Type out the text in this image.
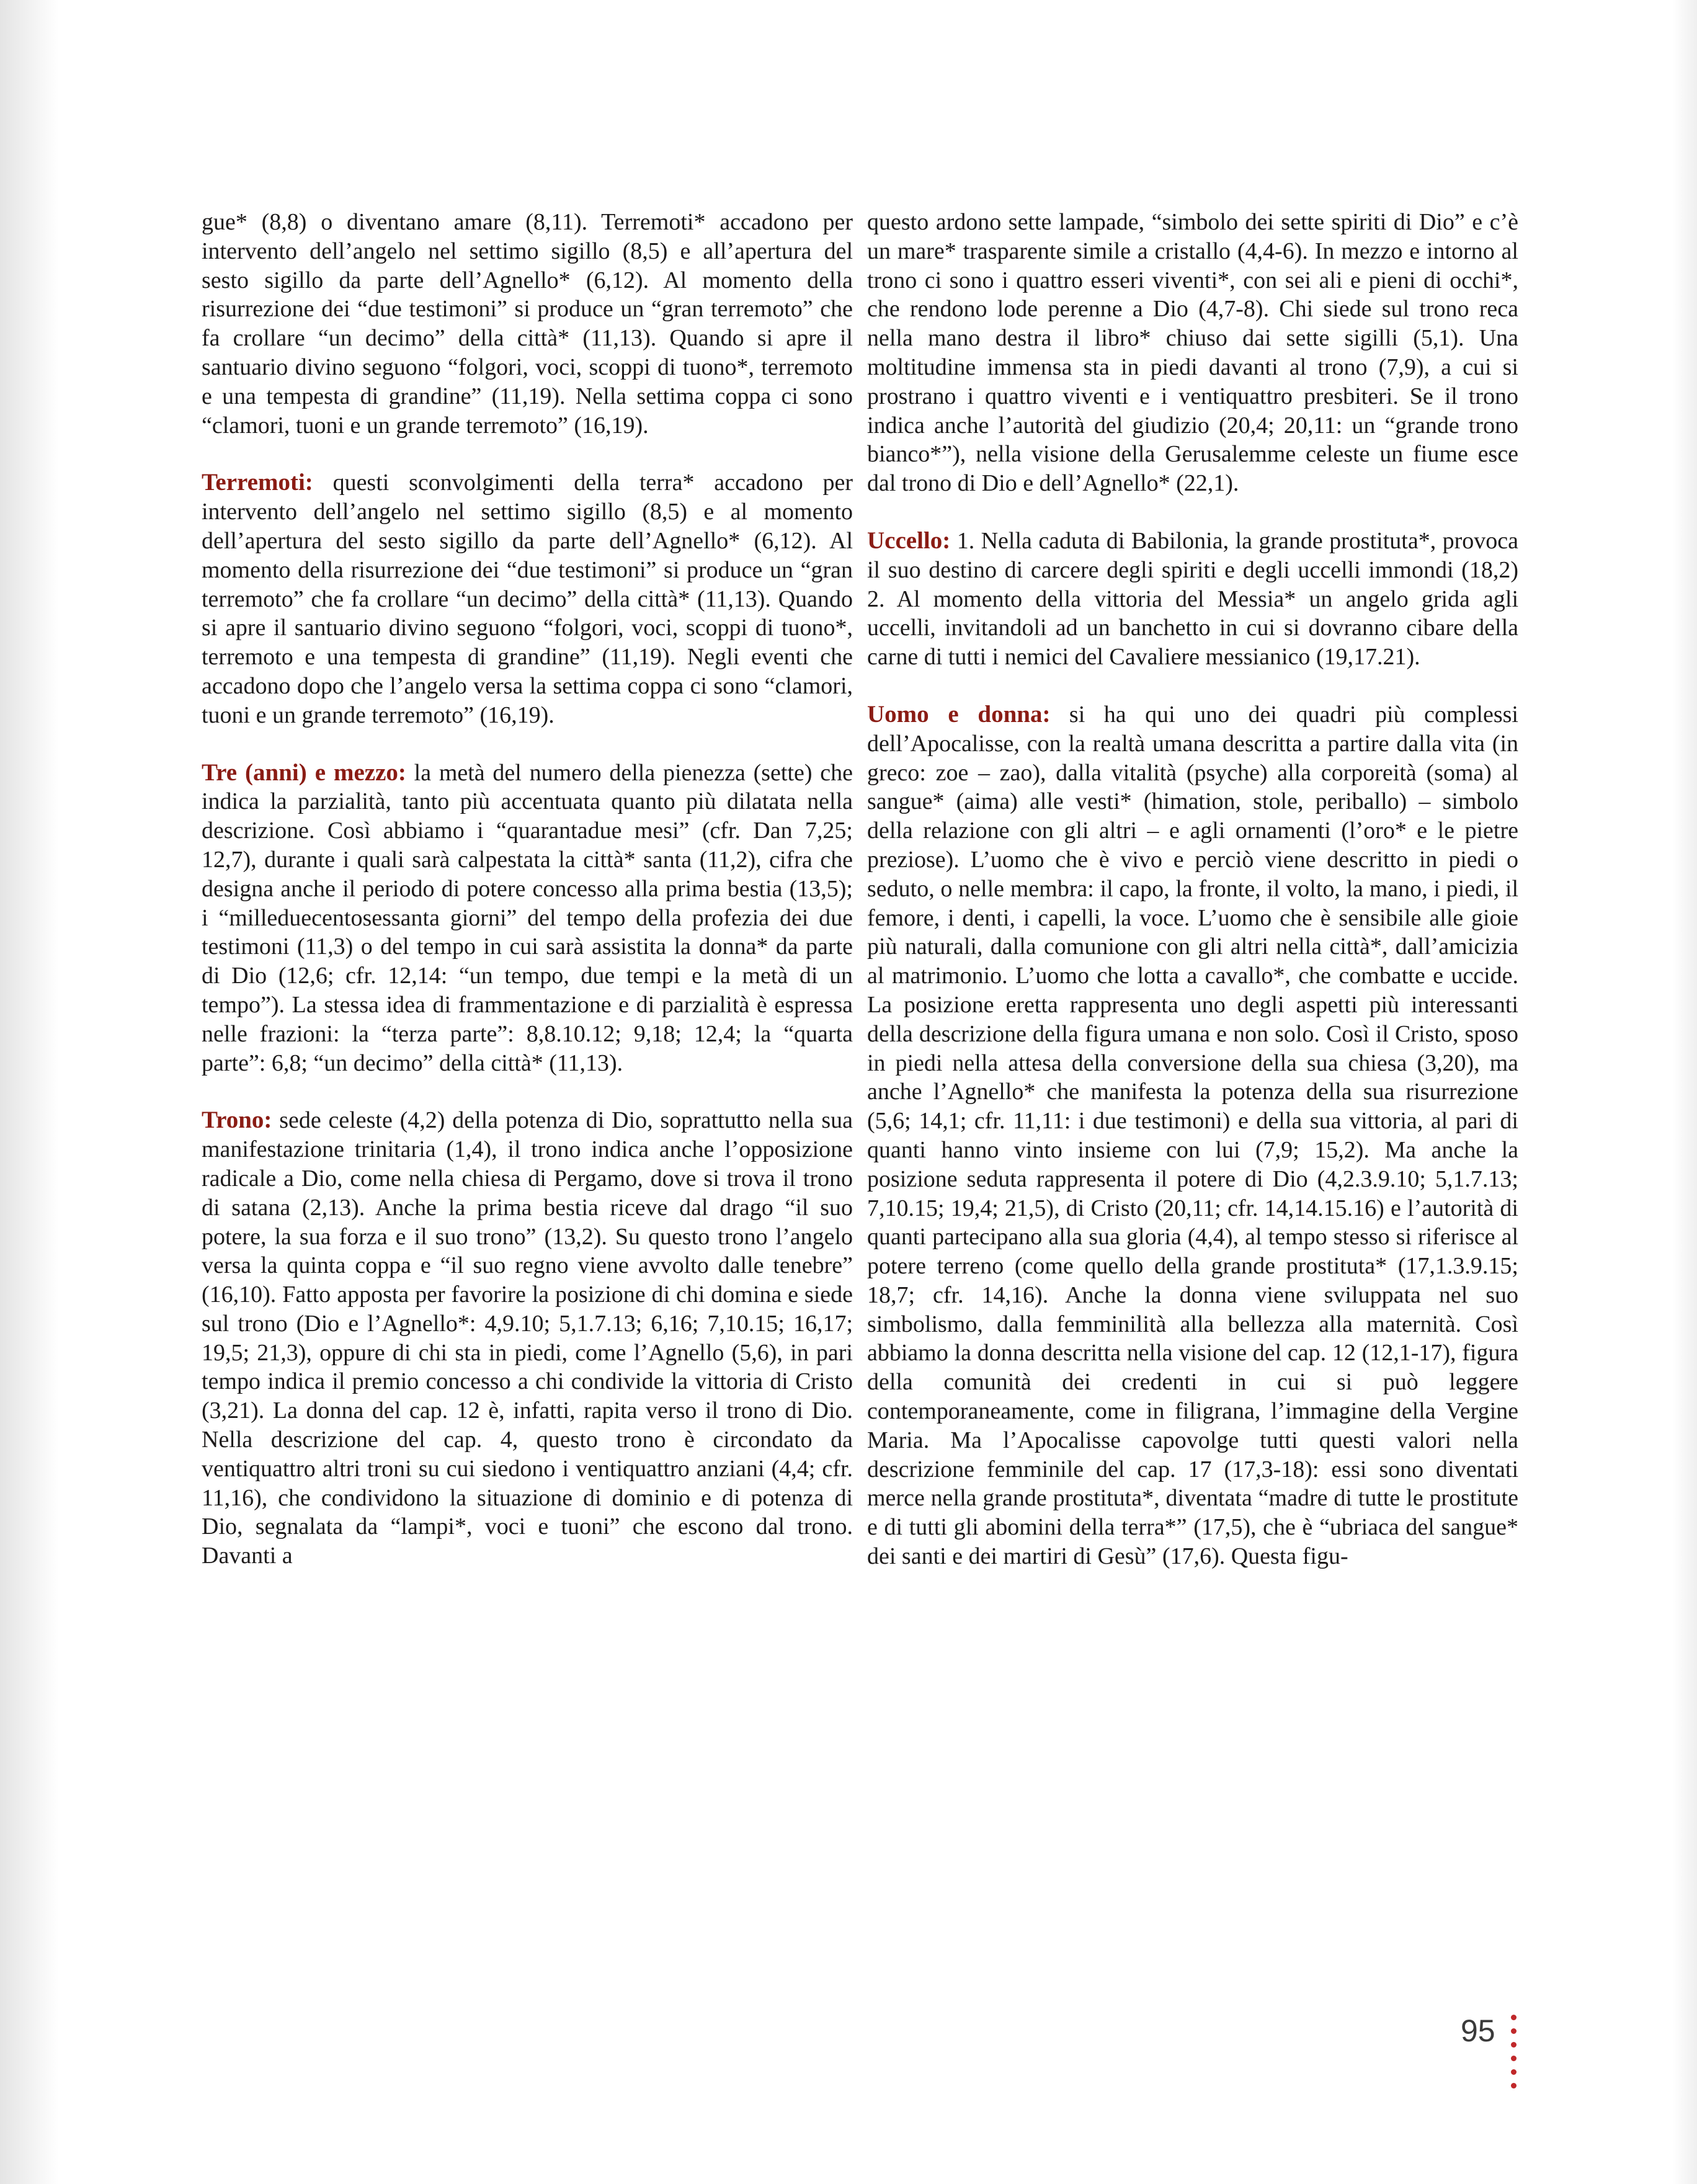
gue* (8,8) o diventano amare (8,11). Terremoti* accadono per intervento dell’angelo nel settimo sigillo (8,5) e all’apertura del sesto sigillo da parte dell’Agnello* (6,12). Al momento della risurrezione dei “due testimoni” si produce un “gran terremoto” che fa crollare “un decimo” della città* (11,13). Quando si apre il santuario divino seguono “folgori, voci, scoppi di tuono*, terremoto e una tempesta di grandine” (11,19). Nella settima coppa ci sono “clamori, tuoni e un grande terremoto” (16,19).

Terremoti: questi sconvolgimenti della terra* accadono per intervento dell’angelo nel settimo sigillo (8,5) e al momento dell’apertura del sesto sigillo da parte dell’Agnello* (6,12). Al momento della risurrezione dei “due testimoni” si produce un “gran terremoto” che fa crollare “un decimo” della città* (11,13). Quando si apre il santuario divino seguono “folgori, voci, scoppi di tuono*, terremoto e una tempesta di grandine” (11,19). Negli eventi che accadono dopo che l’angelo versa la settima coppa ci sono “clamori, tuoni e un grande terremoto” (16,19).

Tre (anni) e mezzo: la metà del numero della pienezza (sette) che indica la parzialità, tanto più accentuata quanto più dilatata nella descrizione. Così abbiamo i “quarantadue mesi” (cfr. Dan 7,25; 12,7), durante i quali sarà calpestata la città* santa (11,2), cifra che designa anche il periodo di potere concesso alla prima bestia (13,5); i “milleduecentosessanta giorni” del tempo della profezia dei due testimoni (11,3) o del tempo in cui sarà assistita la donna* da parte di Dio (12,6; cfr. 12,14: “un tempo, due tempi e la metà di un tempo”). La stessa idea di frammentazione e di parzialità è espressa nelle frazioni: la “terza parte”: 8,8.10.12; 9,18; 12,4; la “quarta parte”: 6,8; “un decimo” della città* (11,13).

Trono: sede celeste (4,2) della potenza di Dio, soprattutto nella sua manifestazione trinitaria (1,4), il trono indica anche l’opposizione radicale a Dio, come nella chiesa di Pergamo, dove si trova il trono di satana (2,13). Anche la prima bestia riceve dal drago “il suo potere, la sua forza e il suo trono” (13,2). Su questo trono l’angelo versa la quinta coppa e “il suo regno viene avvolto dalle tenebre” (16,10). Fatto apposta per favorire la posizione di chi domina e siede sul trono (Dio e l’Agnello*: 4,9.10; 5,1.7.13; 6,16; 7,10.15; 16,17; 19,5; 21,3), oppure di chi sta in piedi, come l’Agnello (5,6), in pari tempo indica il premio concesso a chi condivide la vittoria di Cristo (3,21). La donna del cap. 12 è, infatti, rapita verso il trono di Dio. Nella descrizione del cap. 4, questo trono è circondato da ventiquattro altri troni su cui siedono i ventiquattro anziani (4,4; cfr. 11,16), che condividono la situazione di dominio e di potenza di Dio, segnalata da “lampi*, voci e tuoni” che escono dal trono. Davanti a

questo ardono sette lampade, “simbolo dei sette spiriti di Dio” e c’è un mare* trasparente simile a cristallo (4,4-6). In mezzo e intorno al trono ci sono i quattro esseri viventi*, con sei ali e pieni di occhi*, che rendono lode perenne a Dio (4,7-8). Chi siede sul trono reca nella mano destra il libro* chiuso dai sette sigilli (5,1). Una moltitudine immensa sta in piedi davanti al trono (7,9), a cui si prostrano i quattro viventi e i ventiquattro presbiteri. Se il trono indica anche l’autorità del giudizio (20,4; 20,11: un “grande trono bianco*”), nella visione della Gerusalemme celeste un fiume esce dal trono di Dio e dell’Agnello* (22,1).

Uccello: 1. Nella caduta di Babilonia, la grande prostituta*, provoca il suo destino di carcere degli spiriti e degli uccelli immondi (18,2) 2. Al momento della vittoria del Messia* un angelo grida agli uccelli, invitandoli ad un banchetto in cui si dovranno cibare della carne di tutti i nemici del Cavaliere messianico (19,17.21).

Uomo e donna: si ha qui uno dei quadri più complessi dell’Apocalisse, con la realtà umana descritta a partire dalla vita (in greco: zoe – zao), dalla vitalità (psyche) alla corporeità (soma) al sangue* (aima) alle vesti* (himation, stole, periballo) – simbolo della relazione con gli altri – e agli ornamenti (l’oro* e le pietre preziose). L’uomo che è vivo e perciò viene descritto in piedi o seduto, o nelle membra: il capo, la fronte, il volto, la mano, i piedi, il femore, i denti, i capelli, la voce. L’uomo che è sensibile alle gioie più naturali, dalla comunione con gli altri nella città*, dall’amicizia al matrimonio. L’uomo che lotta a cavallo*, che combatte e uccide. La posizione eretta rappresenta uno degli aspetti più interessanti della descrizione della figura umana e non solo. Così il Cristo, sposo in piedi nella attesa della conversione della sua chiesa (3,20), ma anche l’Agnello* che manifesta la potenza della sua risurrezione (5,6; 14,1; cfr. 11,11: i due testimoni) e della sua vittoria, al pari di quanti hanno vinto insieme con lui (7,9; 15,2). Ma anche la posizione seduta rappresenta il potere di Dio (4,2.3.9.10; 5,1.7.13; 7,10.15; 19,4; 21,5), di Cristo (20,11; cfr. 14,14.15.16) e l’autorità di quanti partecipano alla sua gloria (4,4), al tempo stesso si riferisce al potere terreno (come quello della grande prostituta* (17,1.3.9.15; 18,7; cfr. 14,16). Anche la donna viene sviluppata nel suo simbolismo, dalla femminilità alla bellezza alla maternità. Così abbiamo la donna descritta nella visione del cap. 12 (12,1-17), figura della comunità dei credenti in cui si può leggere contemporaneamente, come in filigrana, l’immagine della Vergine Maria. Ma l’Apocalisse capovolge tutti questi valori nella descrizione femminile del cap. 17 (17,3-18): essi sono diventati merce nella grande prostituta*, diventata “madre di tutte le prostitute e di tutti gli abomini della terra*” (17,5), che è “ubriaca del sangue* dei santi e dei martiri di Gesù” (17,6). Questa figu-

95
